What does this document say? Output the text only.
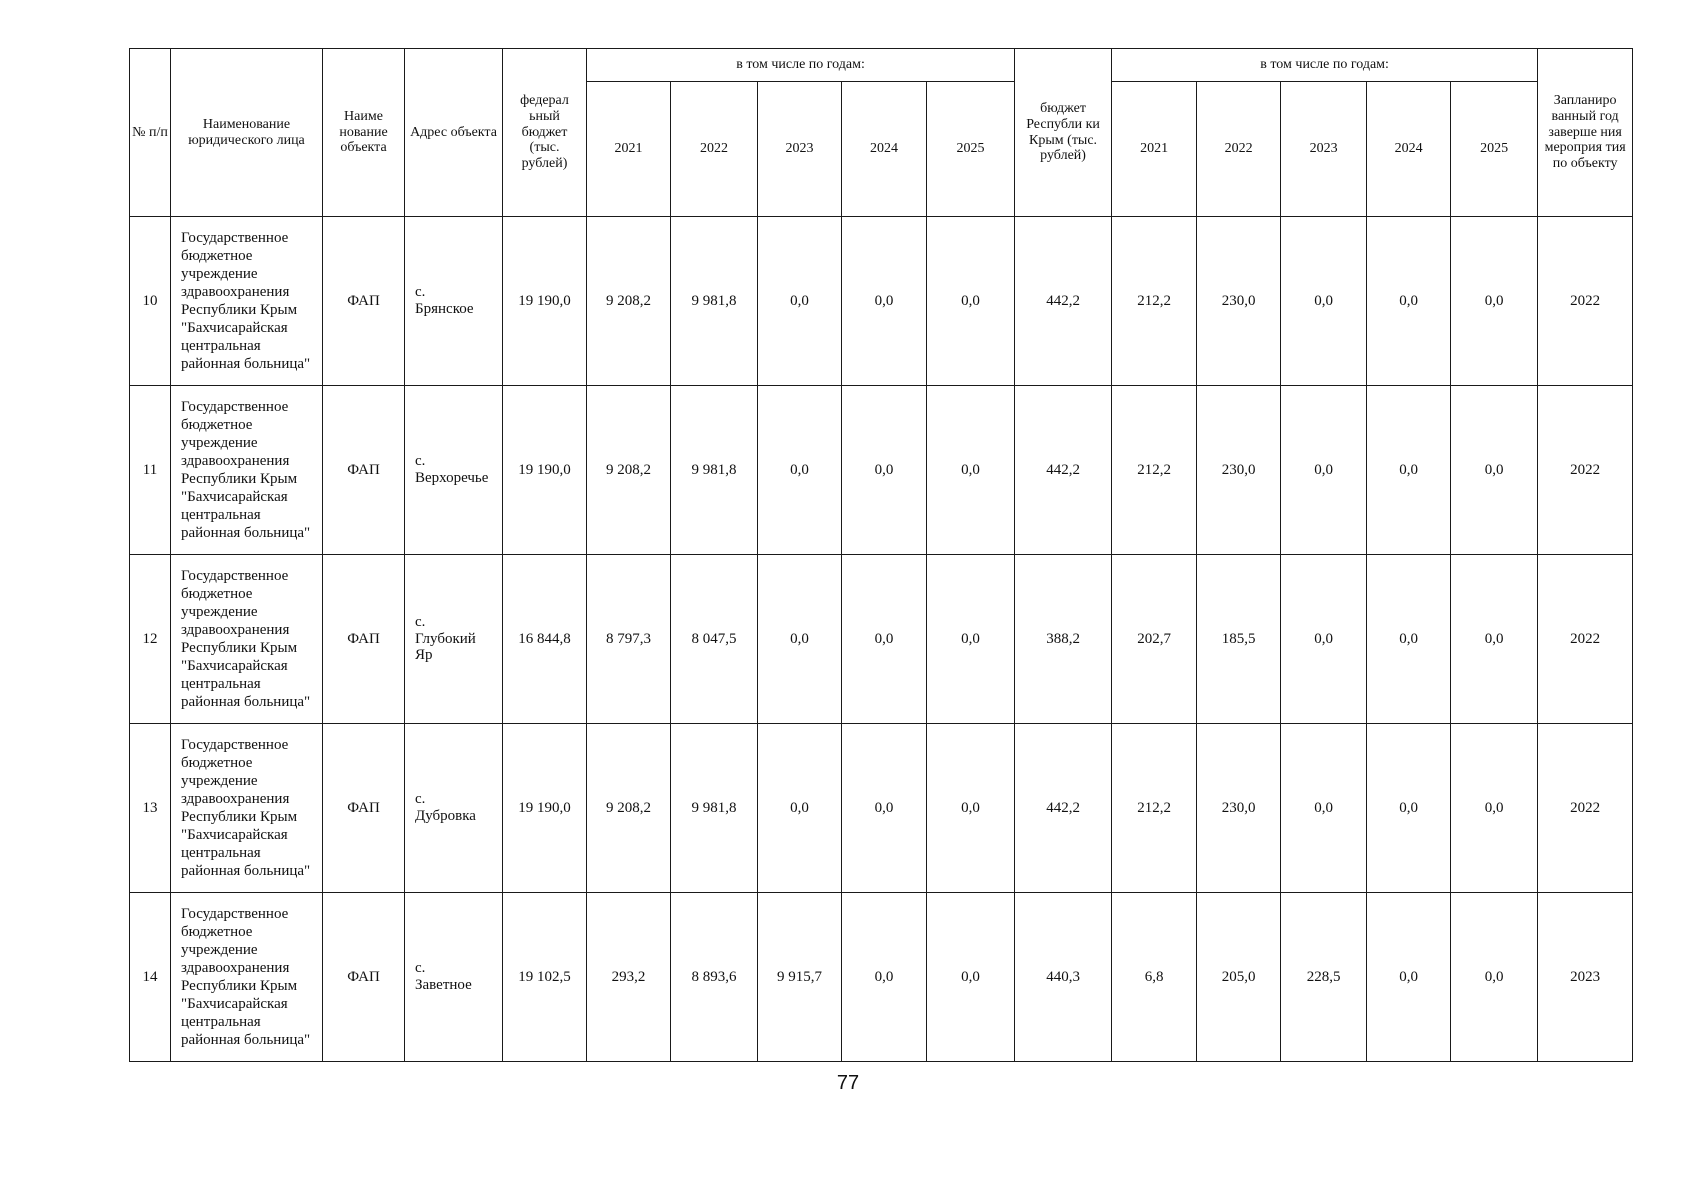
№ п/п	Наименование юридического лица	Наиме нование объекта	Адрес объекта	федерал ьный бюджет (тыс. рублей)	в том числе по годам:					бюджет Республи ки Крым (тыс. рублей)	в том числе по годам:					Запланиро ванный год заверше ния мероприя тия по объекту
					2021	2022	2023	2024	2025		2021	2022	2023	2024	2025	
10	Государственное бюджетное учреждение здравоохранения Республики Крым "Бахчисарайская центральная районная больница"	ФАП	с.
Брянское	19 190,0	9 208,2	9 981,8	0,0	0,0	0,0	442,2	212,2	230,0	0,0	0,0	0,0	2022
11	Государственное бюджетное учреждение здравоохранения Республики Крым "Бахчисарайская центральная районная больница"	ФАП	с.
Верхоречье	19 190,0	9 208,2	9 981,8	0,0	0,0	0,0	442,2	212,2	230,0	0,0	0,0	0,0	2022
12	Государственное бюджетное учреждение здравоохранения Республики Крым "Бахчисарайская центральная районная больница"	ФАП	с.
Глубокий
Яр	16 844,8	8 797,3	8 047,5	0,0	0,0	0,0	388,2	202,7	185,5	0,0	0,0	0,0	2022
13	Государственное бюджетное учреждение здравоохранения Республики Крым "Бахчисарайская центральная районная больница"	ФАП	с.
Дубровка	19 190,0	9 208,2	9 981,8	0,0	0,0	0,0	442,2	212,2	230,0	0,0	0,0	0,0	2022
14	Государственное бюджетное учреждение здравоохранения Республики Крым "Бахчисарайская центральная районная больница"	ФАП	с.
Заветное	19 102,5	293,2	8 893,6	9 915,7	0,0	0,0	440,3	6,8	205,0	228,5	0,0	0,0	2023
77
